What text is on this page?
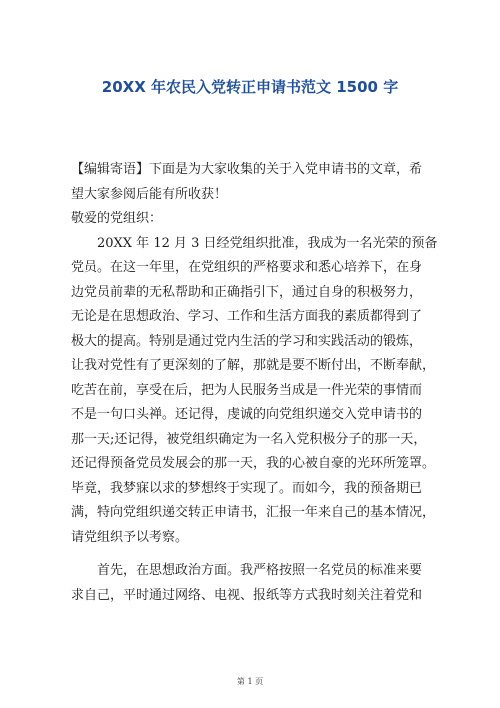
20XX 年农民入党转正申请书范文 1500 字

【编辑寄语】下面是为大家收集的关于入党申请书的文章，希
望大家参阅后能有所收获！

敬爱的党组织：

20XX 年 12 月 3 日经党组织批准，我成为一名光荣的预备
党员。在这一年里，在党组织的严格要求和悉心培养下，在身
边党员前辈的无私帮助和正确指引下，通过自身的积极努力，
无论是在思想政治、学习、工作和生活方面我的素质都得到了
极大的提高。特别是通过党内生活的学习和实践活动的锻炼，
让我对党性有了更深刻的了解，那就是要不断付出，不断奉献，
吃苦在前，享受在后，把为人民服务当成是一件光荣的事情而
不是一句口头禅。还记得，虔诚的向党组织递交入党申请书的
那一天;还记得，被党组织确定为一名入党积极分子的那一天，
还记得预备党员发展会的那一天，我的心被自豪的光环所笼罩。
毕竟，我梦寐以求的梦想终于实现了。而如今，我的预备期已
满，特向党组织递交转正申请书，汇报一年来自己的基本情况，
请党组织予以考察。

首先，在思想政治方面。我严格按照一名党员的标准来要
求自己，平时通过网络、电视、报纸等方式我时刻关注着党和

第 1 页
